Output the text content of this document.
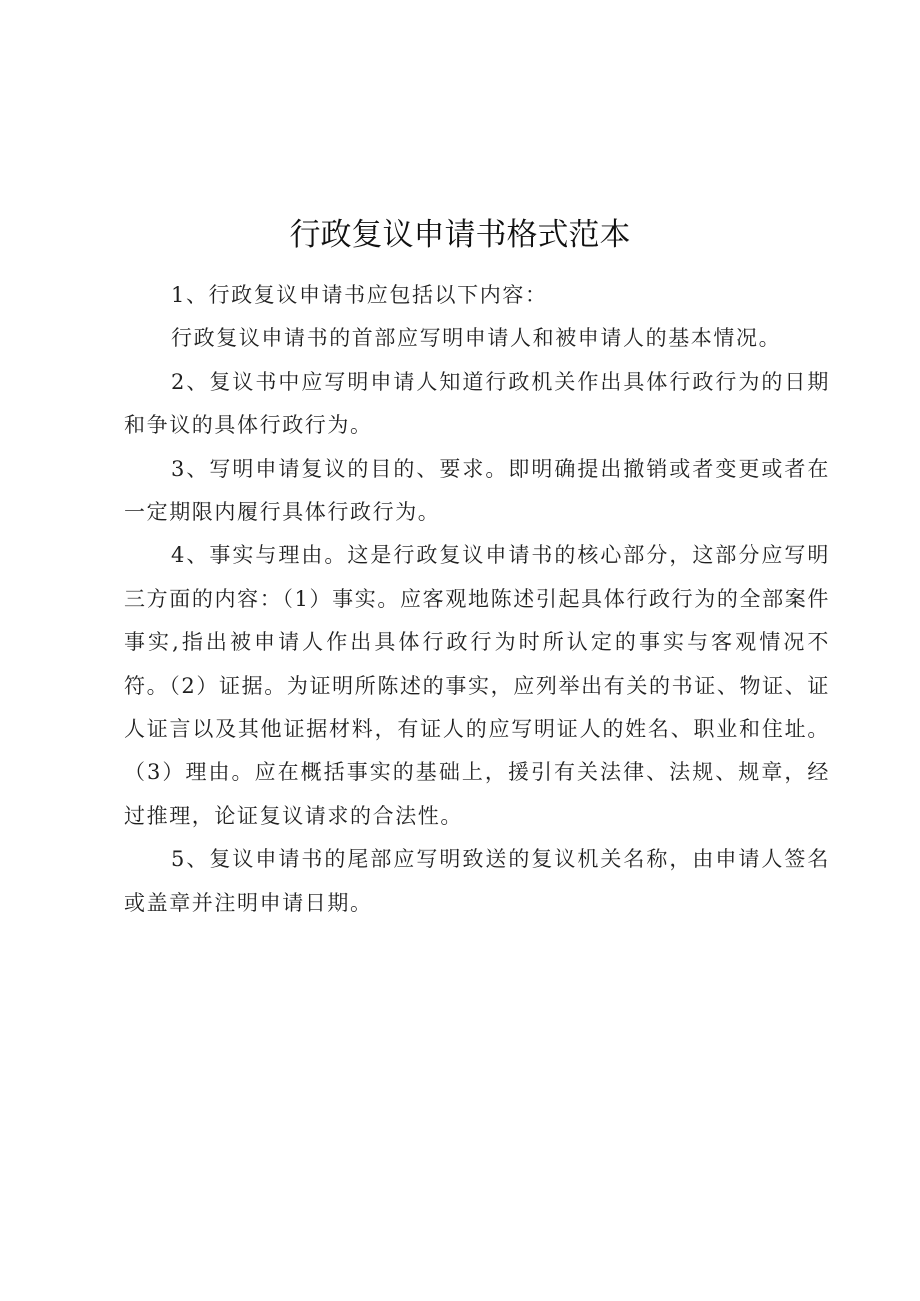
行政复议申请书格式范本

1、行政复议申请书应包括以下内容：

行政复议申请书的首部应写明申请人和被申请人的基本情况。

2、复议书中应写明申请人知道行政机关作出具体行政行为的日期和争议的具体行政行为。

3、写明申请复议的目的、要求。即明确提出撤销或者变更或者在一定期限内履行具体行政行为。

4、事实与理由。这是行政复议申请书的核心部分，这部分应写明三方面的内容：（1）事实。应客观地陈述引起具体行政行为的全部案件事实,指出被申请人作出具体行政行为时所认定的事实与客观情况不符。（2）证据。为证明所陈述的事实，应列举出有关的书证、物证、证人证言以及其他证据材料，有证人的应写明证人的姓名、职业和住址。（3）理由。应在概括事实的基础上，援引有关法律、法规、规章，经过推理，论证复议请求的合法性。

5、复议申请书的尾部应写明致送的复议机关名称，由申请人签名或盖章并注明申请日期。
